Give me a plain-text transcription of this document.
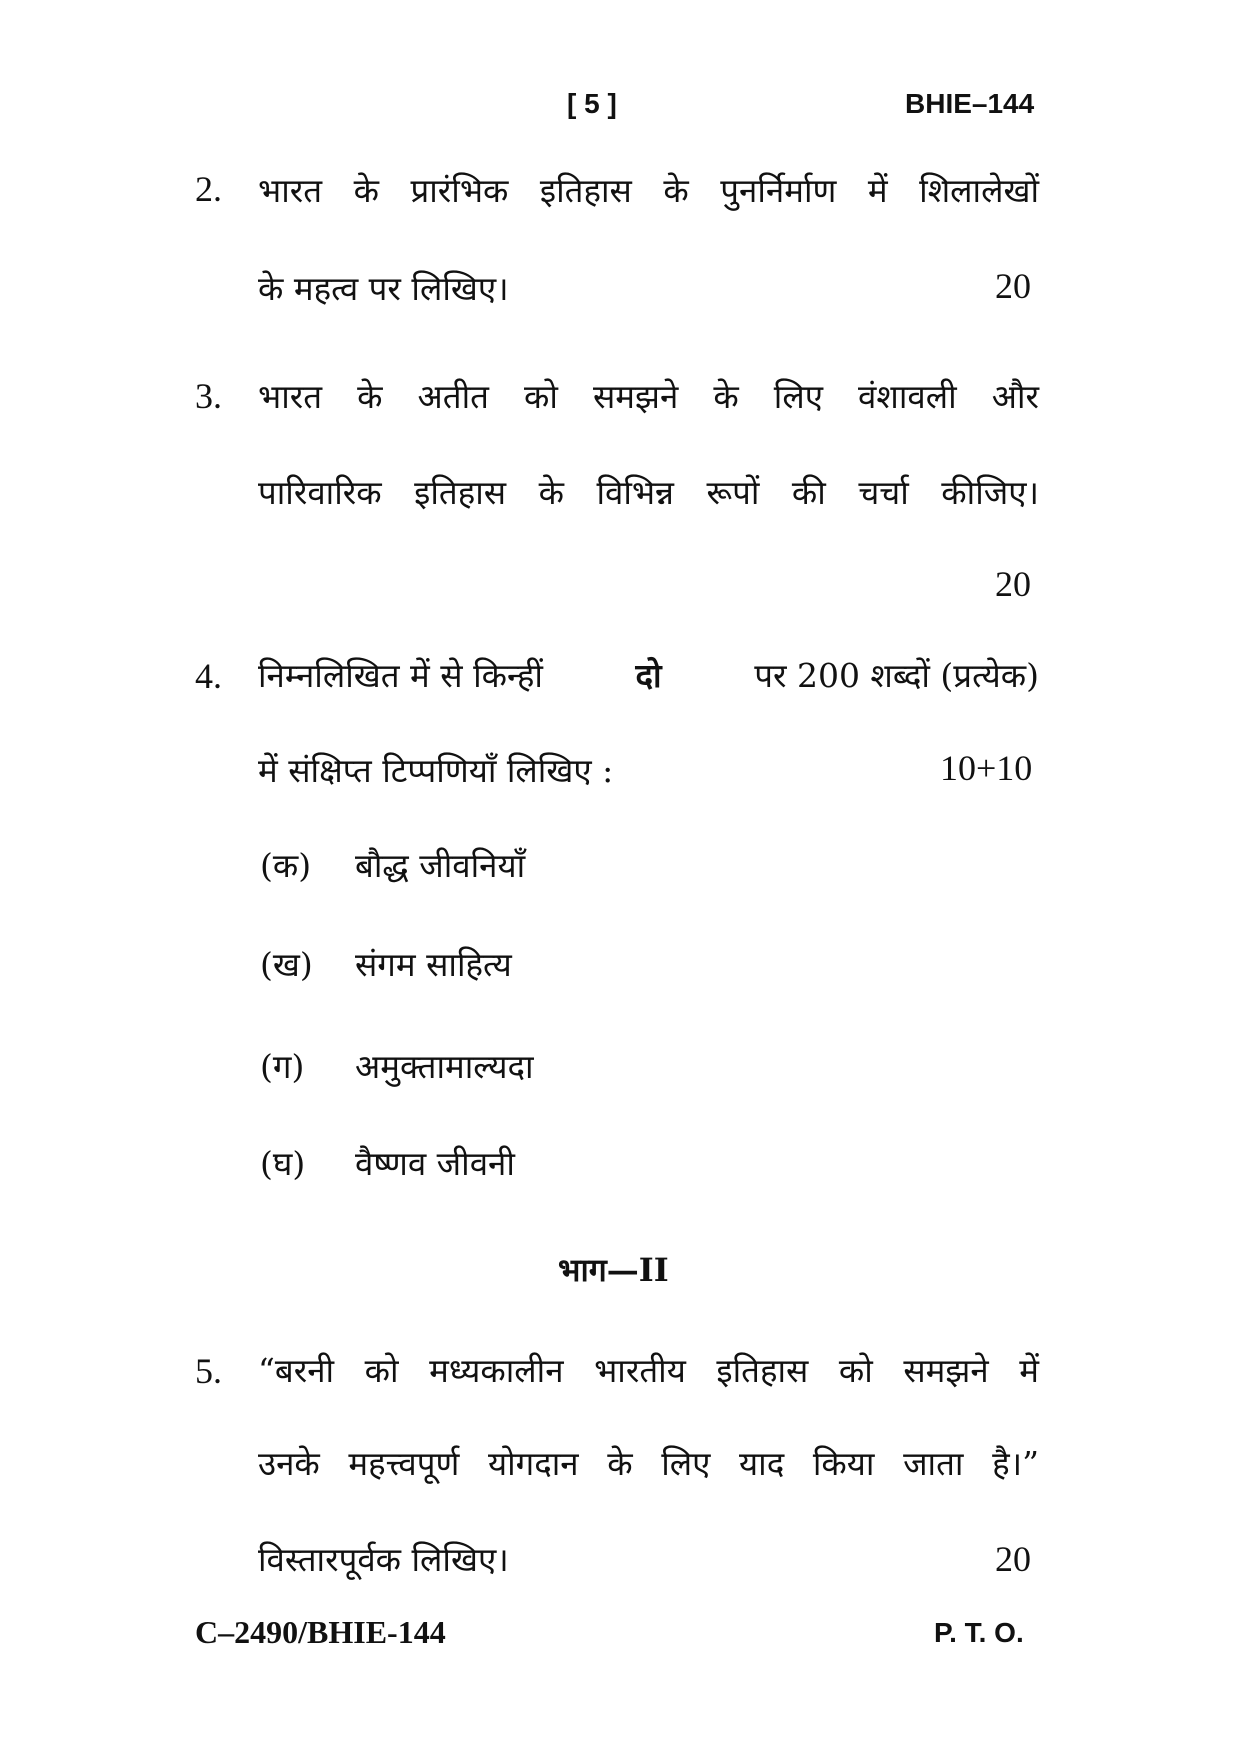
[ 5 ]	BHIE–144
2. भारत के प्रारंभिक इतिहास के पुनर्निर्माण में शिलालेखों
के महत्व पर लिखिए।	20
3. भारत के अतीत को समझने के लिए वंशावली और
पारिवारिक इतिहास के विभिन्न रूपों की चर्चा कीजिए।
20
4. निम्नलिखित में से किन्हीं	दो	पर 200 शब्दों (प्रत्येक)
में संक्षिप्त टिप्पणियाँ लिखिए :	10+10
(क) बौद्ध जीवनियाँ
(ख) संगम साहित्य
(ग) अमुक्तामाल्यदा
(घ) वैष्णव जीवनी
भाग—II
5. “बरनी को मध्यकालीन भारतीय इतिहास को समझने में
उनके महत्त्वपूर्ण योगदान के लिए याद किया जाता है।”
विस्तारपूर्वक लिखिए।	20
C–2490/BHIE-144	P. T. O.
